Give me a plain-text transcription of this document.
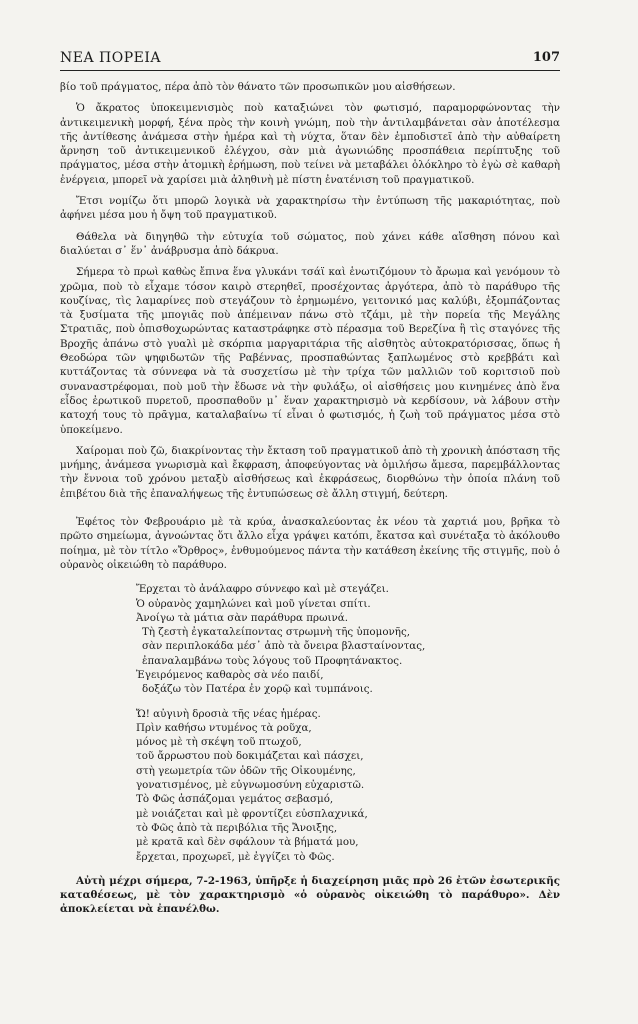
ΝΕΑ ΠΟΡΕΙΑ	107

βίο τοῦ πράγματος, πέρα ἀπὸ τὸν θάνατο τῶν προσωπικῶν μου αἰσθήσεων.

Ὁ ἄκρατος ὑποκειμενισμὸς ποὺ καταξιώνει τὸν φωτισμό, παραμορφώνοντας τὴν ἀντικειμενικὴ μορφή, ξένα πρὸς τὴν κοινὴ γνώμη, ποὺ τὴν ἀντιλαμβάνεται σὰν ἀποτέλεσμα τῆς ἀντίθεσης ἀνάμεσα στὴν ἡμέρα καὶ τὴ νύχτα, ὅταν δὲν ἐμποδιστεῖ ἀπὸ τὴν αὐθαίρετη ἄρνηση τοῦ ἀντικειμενικοῦ ἐλέγχου, σὰν μιὰ ἀγωνιώδης προσπάθεια περίπτυξης τοῦ πράγματος, μέσα στὴν ἀτομικὴ ἐρήμωση, ποὺ τείνει νὰ μεταβάλει ὁλόκληρο τὸ ἐγὼ σὲ καθαρὴ ἐνέργεια, μπορεῖ νὰ χαρίσει μιὰ ἀληθινὴ μὲ πίστη ἐνατένιση τοῦ πραγματικοῦ.

Ἔτσι νομίζω ὅτι μπορῶ λογικὰ νὰ χαρακτηρίσω τὴν ἐντύπωση τῆς μακαριότητας, ποὺ ἀφήνει μέσα μου ἡ ὄψη τοῦ πραγματικοῦ.

Θάθελα νὰ διηγηθῶ τὴν εὐτυχία τοῦ σώματος, ποὺ χάνει κάθε αἴσθηση πόνου καὶ διαλύεται σ᾽ ἕν᾽ ἀνάβρυσμα ἀπὸ δάκρυα.

Σήμερα τὸ πρωὶ καθὼς ἔπινα ἕνα γλυκάνι τσάϊ καὶ ἑνωτιζόμουν τὸ ἄρωμα καὶ γενόμουν τὸ χρῶμα, ποὺ τὸ εἶχαμε τόσον καιρὸ στερηθεῖ, προσέχοντας ἀργότερα, ἀπὸ τὸ παράθυρο τῆς κουζίνας, τὶς λαμαρίνες ποὺ στεγάζουν τὸ ἐρημωμένο, γειτονικό μας καλύβι, ἐξομπάζοντας τὰ ξυσίματα τῆς μπογιᾶς ποὺ ἀπέμειναν πάνω στὸ τζάμι, μὲ τὴν πορεία τῆς Μεγάλης Στρατιᾶς, ποὺ ὀπισθοχωρώντας καταστράφηκε στὸ πέρασμα τοῦ Βερεζίνα ἢ τὶς σταγόνες τῆς Βροχῆς ἀπάνω στὸ γυαλὶ μὲ σκόρπια μαργαριτάρια τῆς αἰσθητὸς αὐτοκρατόρισσας, ὅπως ἡ Θεοδώρα τῶν ψηφιδωτῶν τῆς Ραβέννας, προσπαθώντας ξαπλωμένος στὸ κρεββάτι καὶ κυττάζοντας τὰ σύννεφα νὰ τὰ συσχετίσω μὲ τὴν τρίχα τῶν μαλλιῶν τοῦ κοριτσιοῦ ποὺ συναναστρέφομαι, ποὺ μοῦ τὴν ἔδωσε νὰ τὴν φυλάξω, οἱ αἰσθήσεις μου κινημένες ἀπὸ ἕνα εἶδος ἐρωτικοῦ πυρετοῦ, προσπαθοῦν μ᾽ ἕναν χαρακτηρισμὸ νὰ κερδίσουν, νὰ λάβουν στὴν κατοχή τους τὸ πρᾶγμα, καταλαβαίνω τί εἶναι ὁ φωτισμός, ἡ ζωὴ τοῦ πράγματος μέσα στὸ ὑποκείμενο.

Χαίρομαι ποὺ ζῶ, διακρίνοντας τὴν ἔκταση τοῦ πραγματικοῦ ἀπὸ τὴ χρονικὴ ἀπόσταση τῆς μνήμης, ἀνάμεσα γνωρισμὰ καὶ ἔκφραση, ἀποφεύγοντας νὰ ὁμιλήσω ἄμεσα, παρεμβάλλοντας τὴν ἔννοια τοῦ χρόνου μεταξὺ αἰσθήσεως καὶ ἐκφράσεως, διορθώνω τὴν ὁποία πλάνη τοῦ ἐπιβέτου διὰ τῆς ἐπαναλήψεως τῆς ἐντυπώσεως σὲ ἄλλη στιγμή, δεύτερη.

Ἐφέτος τὸν Φεβρουάριο μὲ τὰ κρύα, ἀνασκαλεύοντας ἐκ νέου τὰ χαρτιά μου, βρῆκα τὸ πρῶτο σημείωμα, ἀγνοώντας ὅτι ἄλλο εἶχα γράψει κατόπι, ἔκατσα καὶ συνέταξα τὸ ἀκόλουθο ποίημα, μὲ τὸν τίτλο «Ὄρθρος», ἐνθυμούμενος πάντα τὴν κατάθεση ἐκείνης τῆς στιγμῆς, ποὺ ὁ οὐρανὸς οἰκειώθη τὸ παράθυρο.

Ἔρχεται τὸ ἀνάλαφρο σύννεφο καὶ μὲ στεγάζει.
Ὁ οὐρανὸς χαμηλώνει καὶ μοῦ γίνεται σπίτι.
Ἀνοίγω τὰ μάτια σὰν παράθυρα πρωινά.
Τὴ ζεστὴ ἐγκαταλείποντας στρωμνὴ τῆς ὑπομονῆς,
σὰν περιπλοκάδα μέσ᾽ ἀπὸ τὰ ὄνειρα βλασταίνοντας,
ἐπαναλαμβάνω τοὺς λόγους τοῦ Προφητάνακτος.
Ἐγειρόμενος καθαρὸς σὰ νέο παιδί,
δοξάζω τὸν Πατέρα ἐν χορῷ καὶ τυμπάνοις.
Ὤ! αὐγινὴ δροσιὰ τῆς νέας ἡμέρας.
Πρὶν καθήσω ντυμένος τὰ ροῦχα,
μόνος μὲ τὴ σκέψη τοῦ πτωχοῦ,
τοῦ ἄρρωστου ποὺ δοκιμάζεται καὶ πάσχει,
στὴ γεωμετρία τῶν ὁδῶν τῆς Οἰκουμένης,
γονατισμένος, μὲ εὐγνωμοσύνη εὐχαριστῶ.
Τὸ Φῶς ἀσπάζομαι γεμάτος σεβασμό,
μὲ νοιάζεται καὶ μὲ φροντίζει εὐσπλαχνικά,
τὸ Φῶς ἀπὸ τὰ περιβόλια τῆς Ἄνοιξης,
μὲ κρατᾶ καὶ δὲν σφάλουν τὰ βήματά μου,
ἔρχεται, προχωρεῖ, μὲ ἐγγίζει τὸ Φῶς.

Αὐτὴ μέχρι σήμερα, 7-2-1963, ὑπῆρξε ἡ διαχείρηση μιᾶς πρὸ 26 ἐτῶν ἐσωτερικῆς καταθέσεως, μὲ τὸν χαρακτηρισμὸ «ὁ οὐρανὸς οἰκειώθη τὸ παράθυρο». Δὲν ἀποκλείεται νὰ ἐπανέλθω.
